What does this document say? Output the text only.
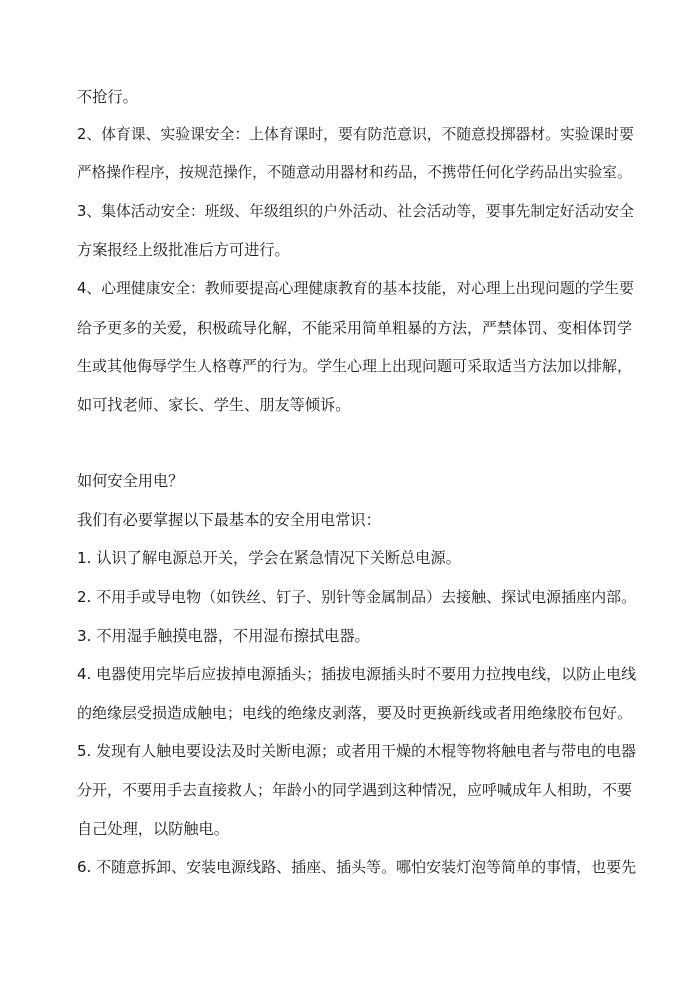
不抢行。
2、体育课、实验课安全：上体育课时，要有防范意识，不随意投掷器材。实验课时要
严格操作程序，按规范操作，不随意动用器材和药品，不携带任何化学药品出实验室。
3、集体活动安全：班级、年级组织的户外活动、社会活动等，要事先制定好活动安全
方案报经上级批准后方可进行。
4、心理健康安全：教师要提高心理健康教育的基本技能，对心理上出现问题的学生要
给予更多的关爱，积极疏导化解，不能采用简单粗暴的方法，严禁体罚、变相体罚学
生或其他侮辱学生人格尊严的行为。学生心理上出现问题可采取适当方法加以排解，
如可找老师、家长、学生、朋友等倾诉。
如何安全用电？
我们有必要掌握以下最基本的安全用电常识：
1. 认识了解电源总开关，学会在紧急情况下关断总电源。
2. 不用手或导电物（如铁丝、钉子、别针等金属制品）去接触、探试电源插座内部。
3. 不用湿手触摸电器，不用湿布擦拭电器。
4. 电器使用完毕后应拔掉电源插头；插拔电源插头时不要用力拉拽电线，以防止电线
的绝缘层受损造成触电；电线的绝缘皮剥落，要及时更换新线或者用绝缘胶布包好。
5. 发现有人触电要设法及时关断电源；或者用干燥的木棍等物将触电者与带电的电器
分开，不要用手去直接救人；年龄小的同学遇到这种情况，应呼喊成年人相助，不要
自己处理，以防触电。
6. 不随意拆卸、安装电源线路、插座、插头等。哪怕安装灯泡等简单的事情，也要先
